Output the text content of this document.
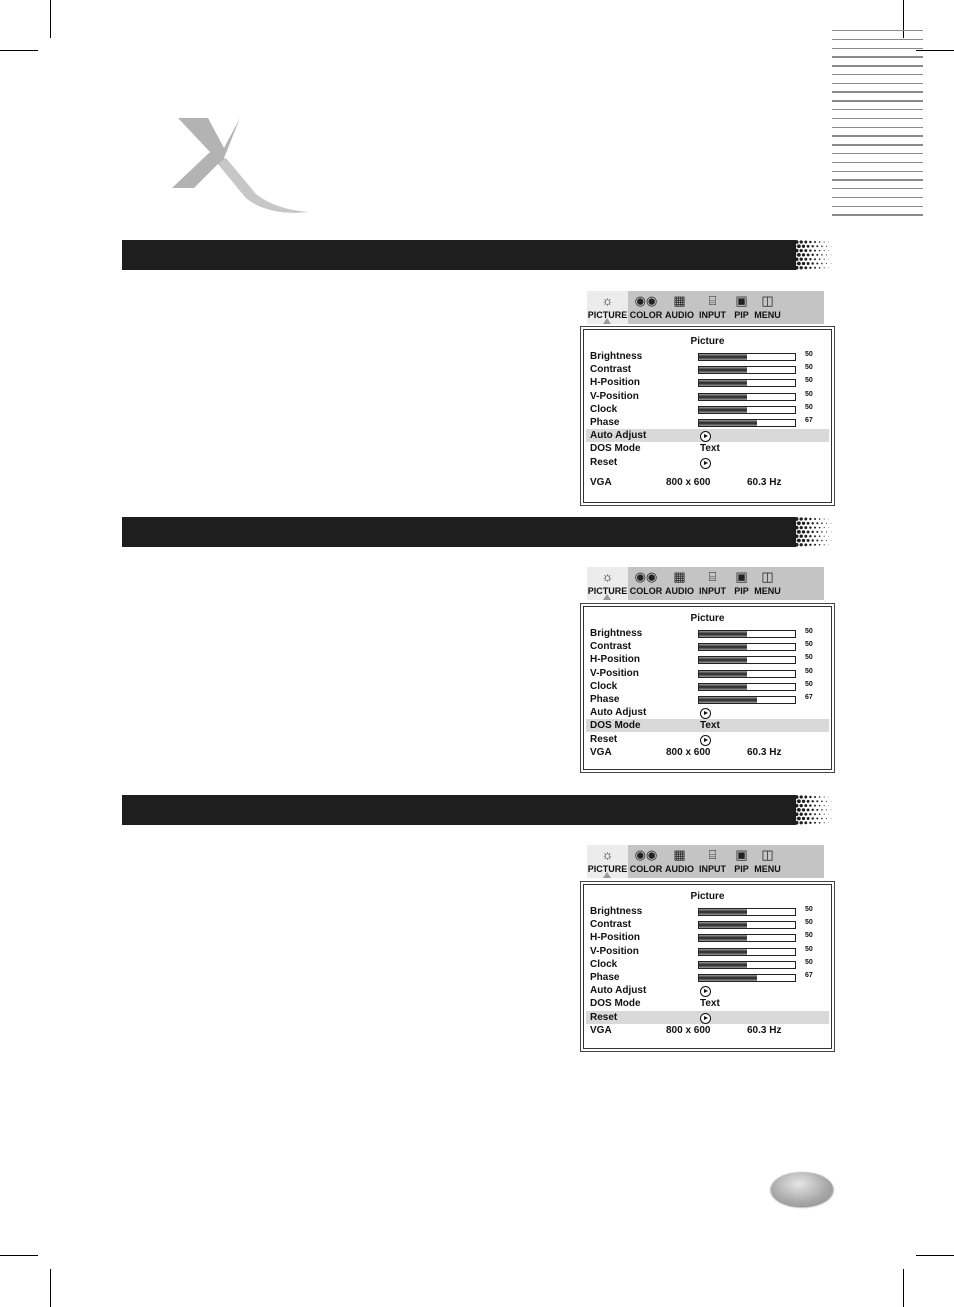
☼
PICTURE
◉◉
COLOR
▦
AUDIO
⌸
INPUT
▣
PIP
◫
MENU
Picture
Brightness	50
Contrast	50
H-Position	50
V-Position	50
Clock	50
Phase	67
Auto Adjust
DOS Mode	Text
Reset
VGA	800 x 600	60.3 Hz
☼
PICTURE
◉◉
COLOR
▦
AUDIO
⌸
INPUT
▣
PIP
◫
MENU
Picture
Brightness	50
Contrast	50
H-Position	50
V-Position	50
Clock	50
Phase	67
Auto Adjust
DOS Mode	Text
Reset
VGA	800 x 600	60.3 Hz
☼
PICTURE
◉◉
COLOR
▦
AUDIO
⌸
INPUT
▣
PIP
◫
MENU
Picture
Brightness	50
Contrast	50
H-Position	50
V-Position	50
Clock	50
Phase	67
Auto Adjust
DOS Mode	Text
Reset
VGA	800 x 600	60.3 Hz
